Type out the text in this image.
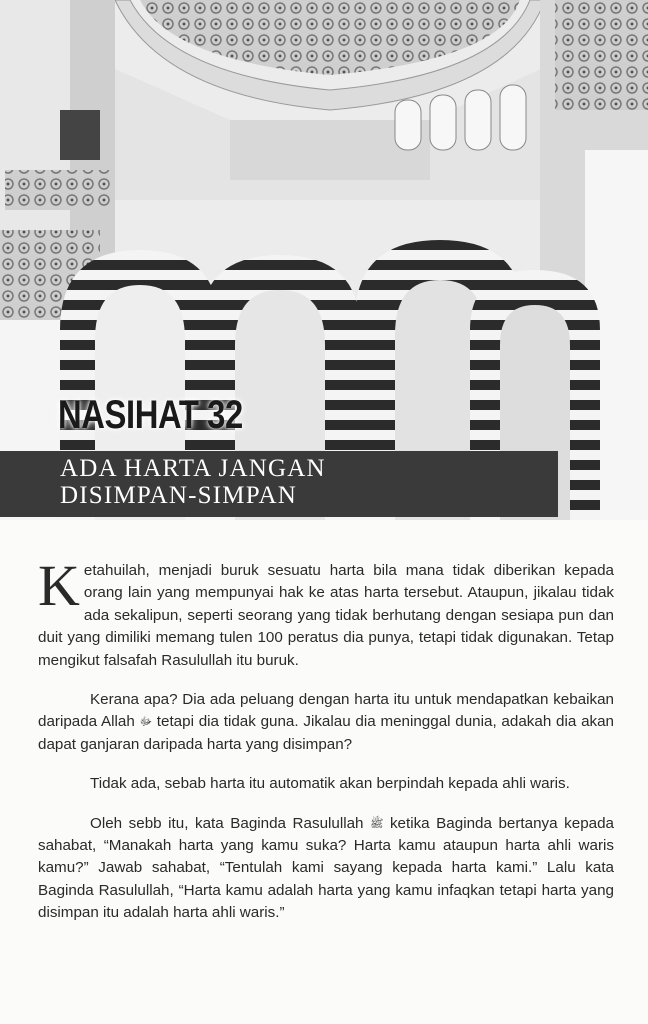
NASIHAT 32
ADA HARTA JANGAN
DISIMPAN-SIMPAN

Ketahuilah, menjadi buruk sesuatu harta bila mana tidak diberikan kepada orang lain yang mempunyai hak ke atas harta tersebut. Ataupun, jikalau tidak ada sekalipun, seperti seorang yang tidak berhutang dengan sesiapa pun dan duit yang dimiliki memang tulen 100 peratus dia punya, tetapi tidak digunakan. Tetap mengikut falsafah Rasulullah itu buruk.

Kerana apa? Dia ada peluang dengan harta itu untuk mendapatkan kebaikan daripada Allah ﷻ tetapi dia tidak guna. Jikalau dia meninggal dunia, adakah dia akan dapat ganjaran daripada harta yang disimpan?

Tidak ada, sebab harta itu automatik akan berpindah kepada ahli waris.

Oleh sebb itu, kata Baginda Rasulullah ﷺ ketika Baginda bertanya kepada sahabat, “Manakah harta yang kamu suka? Harta kamu ataupun harta ahli waris kamu?” Jawab sahabat, “Tentulah kami sayang kepada harta kami.” Lalu kata Baginda Rasulullah, “Harta kamu adalah harta yang kamu infaqkan tetapi harta yang disimpan itu adalah harta ahli waris.”
